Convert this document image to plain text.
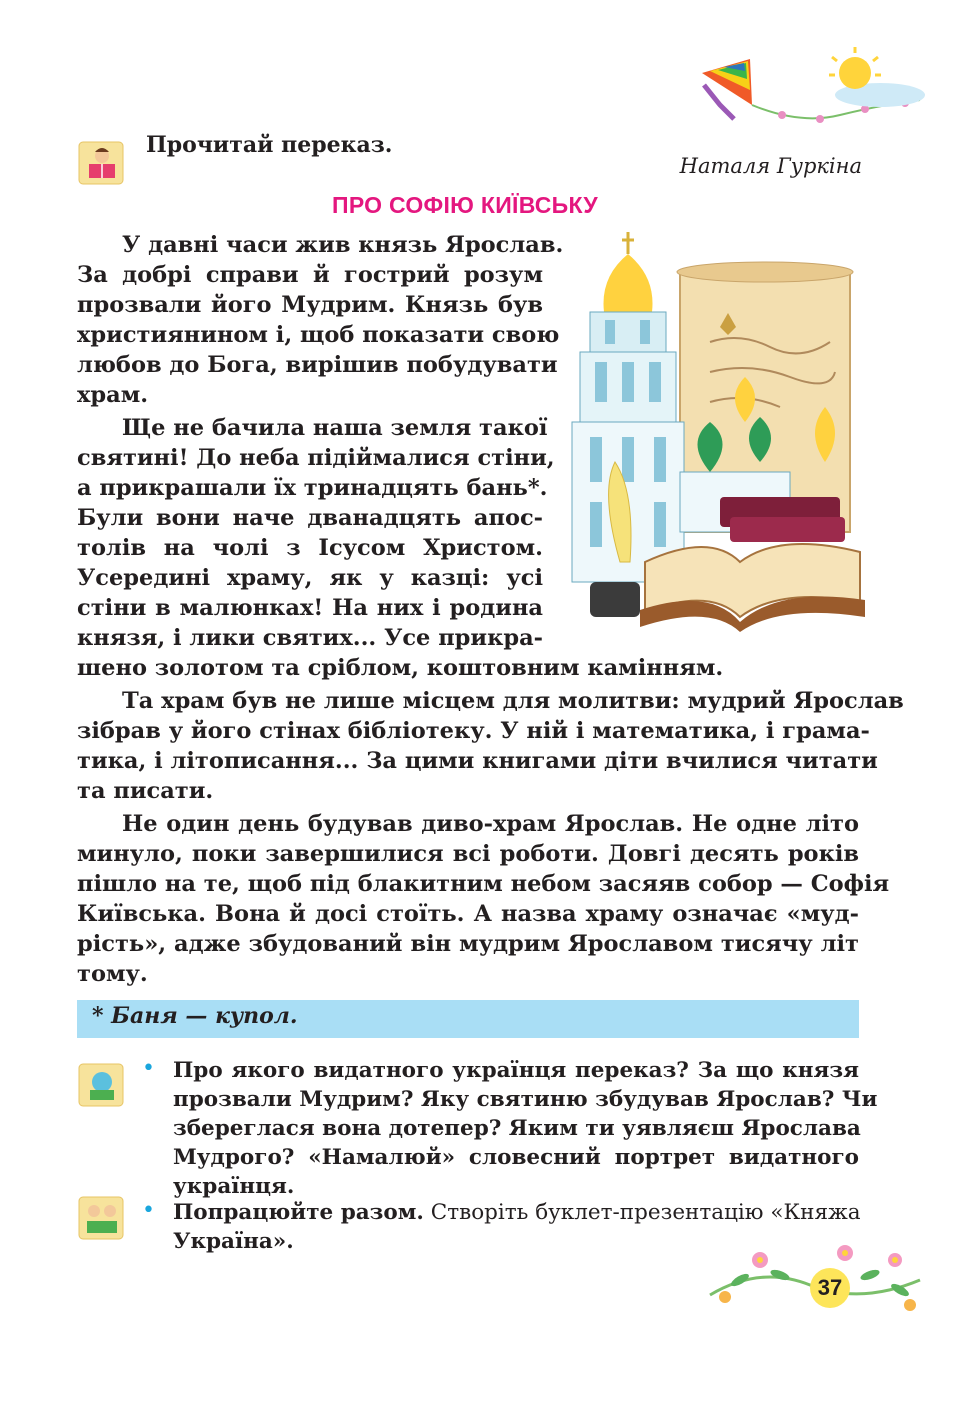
Прочитай переказ.
Наталя Гуркіна
ПРО СОФІЮ КИЇВСЬКУ
У давні часи жив князь Ярослав.
За добрі справи й гострий розум
прозвали його Мудрим. Князь був
християнином і, щоб показати свою
любов до Бога, вирішив побудувати
храм.
Ще не бачила наша земля такої
святині! До неба підіймалися стіни,
а прикрашали їх тринадцять бань*.
Були вони наче дванадцять апос-
толів на чолі з Ісусом Христом.
Усередині храму, як у казці: усі
стіни в малюнках! На них і родина
князя, і лики святих... Усе прикра-
шено золотом та сріблом, коштовним камінням.
Та храм був не лише місцем для молитви: мудрий Ярослав
зібрав у його стінах бібліотеку. У ній і математика, і грама-
тика, і літописання... За цими книгами діти вчилися читати
та писати.
Не один день будував диво-храм Ярослав. Не одне літо
минуло, поки завершилися всі роботи. Довгі десять років
пішло на те, щоб під блакитним небом засяяв собор — Софія
Київська. Вона й досі стоїть. А назва храму означає «муд-
рість», адже збудований він мудрим Ярославом тисячу літ
тому.
* Баня — купол.
• Про якого видатного українця переказ? За що князя
прозвали Мудрим? Яку святиню збудував Ярослав? Чи
збереглася вона дотепер? Яким ти уявляєш Ярослава
Мудрого? «Намалюй» словесний портрет видатного
українця.
• Попрацюйте разом. Створіть буклет-презентацію «Княжа
Україна».
37
